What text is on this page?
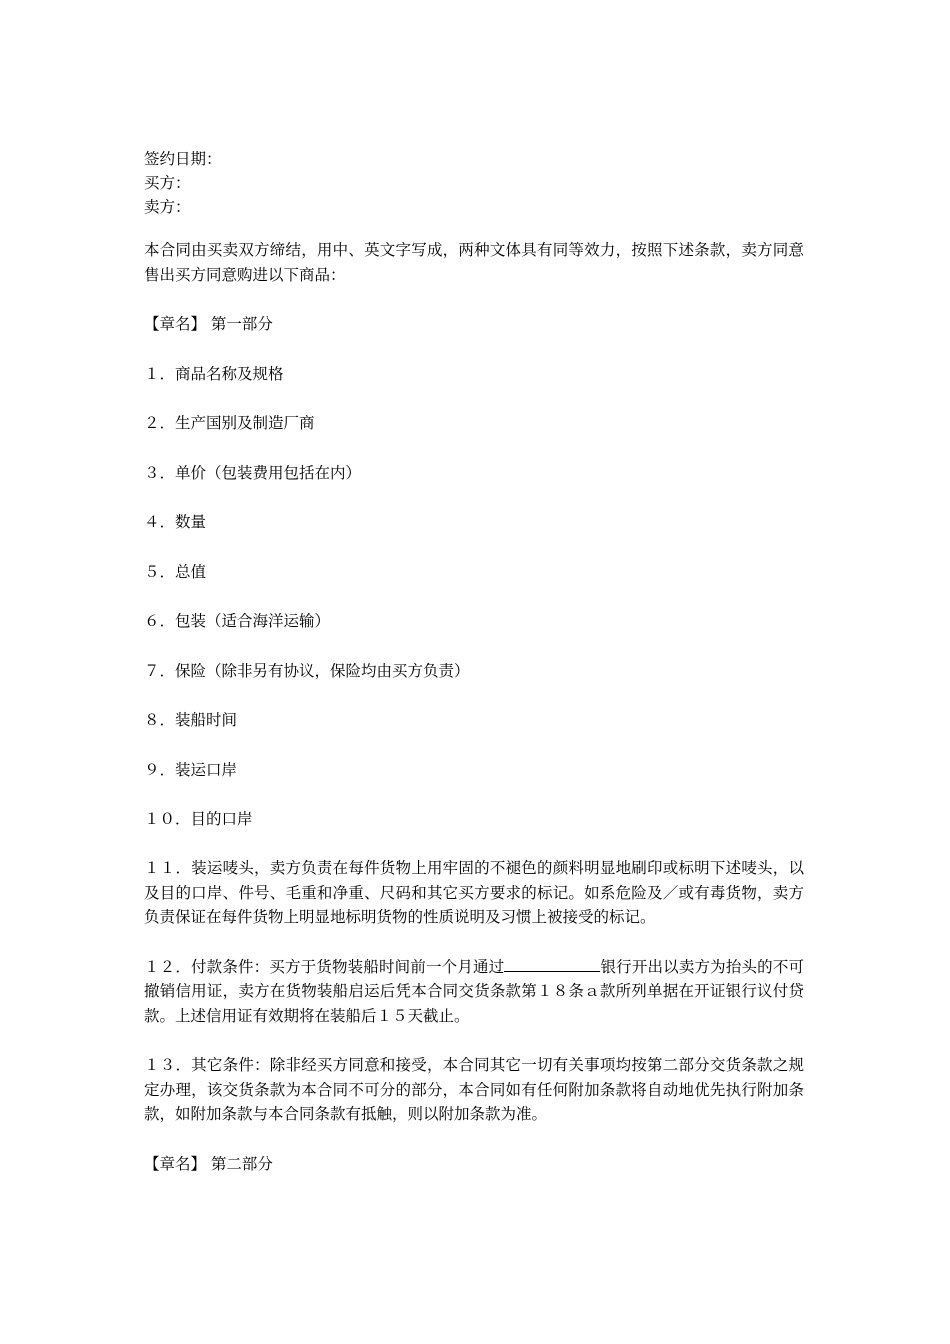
签约日期：
买方：
卖方：
本合同由买卖双方缔结，用中、英文字写成，两种文体具有同等效力，按照下述条款，卖方同意售出买方同意购进以下商品：
【章名】 第一部分
１．商品名称及规格
２．生产国别及制造厂商
３．单价（包装费用包括在内）
４．数量
５．总值
６．包装（适合海洋运输）
７．保险（除非另有协议，保险均由买方负责）
８．装船时间
９．装运口岸
１０．目的口岸
１１．装运唛头，卖方负责在每件货物上用牢固的不褪色的颜料明显地刷印或标明下述唛头，以及目的口岸、件号、毛重和净重、尺码和其它买方要求的标记。如系危险及／或有毒货物，卖方负责保证在每件货物上明显地标明货物的性质说明及习惯上被接受的标记。
１２．付款条件：买方于货物装船时间前一个月通过	银行开出以卖方为抬头的不可撤销信用证，卖方在货物装船启运后凭本合同交货条款第１８条ａ款所列单据在开证银行议付贷款。上述信用证有效期将在装船后１５天截止。
１３．其它条件：除非经买方同意和接受，本合同其它一切有关事项均按第二部分交货条款之规定办理，该交货条款为本合同不可分的部分，本合同如有任何附加条款将自动地优先执行附加条款，如附加条款与本合同条款有抵触，则以附加条款为准。
【章名】 第二部分
